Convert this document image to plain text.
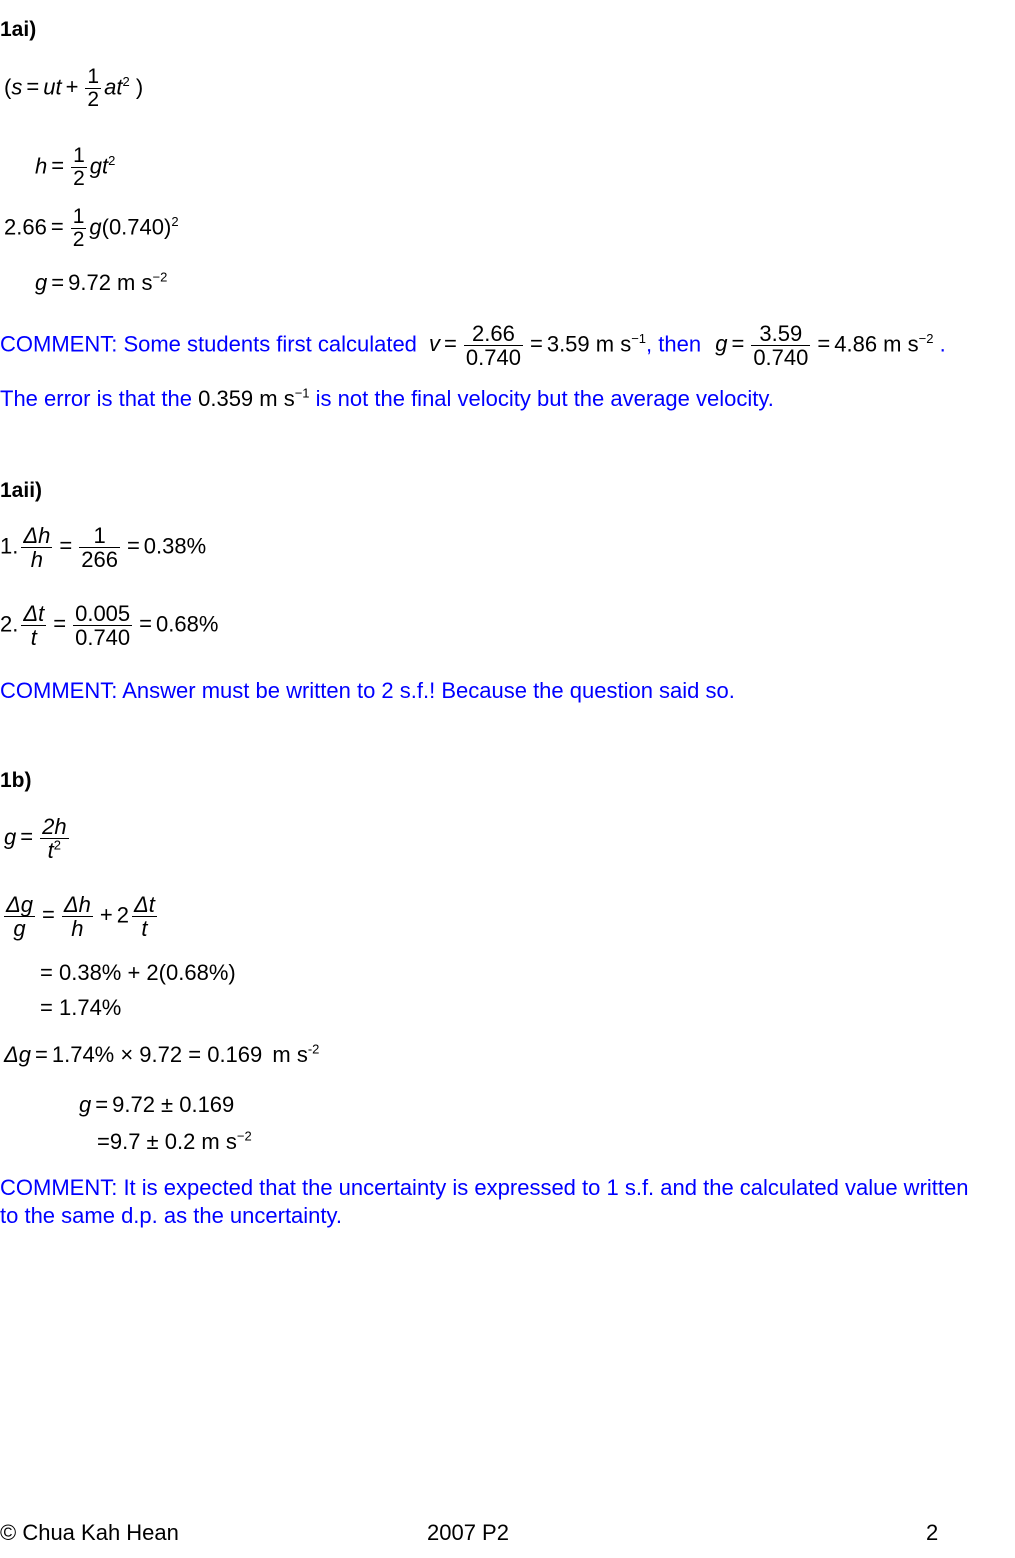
1ai)
(s = ut + $\frac{1}{2} at^2$ )
$h = \frac{1}{2} gt^2$
$2.66 = \frac{1}{2} g(0.740)^2$
g = 9.72 m $s^{-2}$
COMMENT: Some students first calculated $v = \frac{2.66}{0.740} = 3.59$ m $s^{-1}$, then $g = \frac{3.59}{0.740} = 4.86$ m $s^{-2}$ .
The error is that the 0.359 m $s^{-1}$ is not the final velocity but the average velocity.
1aii)
1. $\frac{\Delta h}{h} = \frac{1}{266} = 0.38\%$
2. $\frac{\Delta t}{t} = \frac{0.005}{0.740} = 0.68\%$
COMMENT: Answer must be written to 2 s.f.! Because the question said so.
1b)
$g = \frac{2h}{t^2}$
$\frac{\Delta g}{g} = \frac{\Delta h}{h} + 2 \frac{\Delta t}{t}$
= 0.38% + 2(0.68%)
= 1.74%
Δg = 1.74% × 9.72 = 0.169 m $s^{-2}$
g = 9.72 ± 0.169
=9.7 ± 0.2 m $s^{-2}$
COMMENT: It is expected that the uncertainty is expressed to 1 s.f. and the calculated value written
to the same d.p. as the uncertainty.
© Chua Kah Hean	2007 P2	2
